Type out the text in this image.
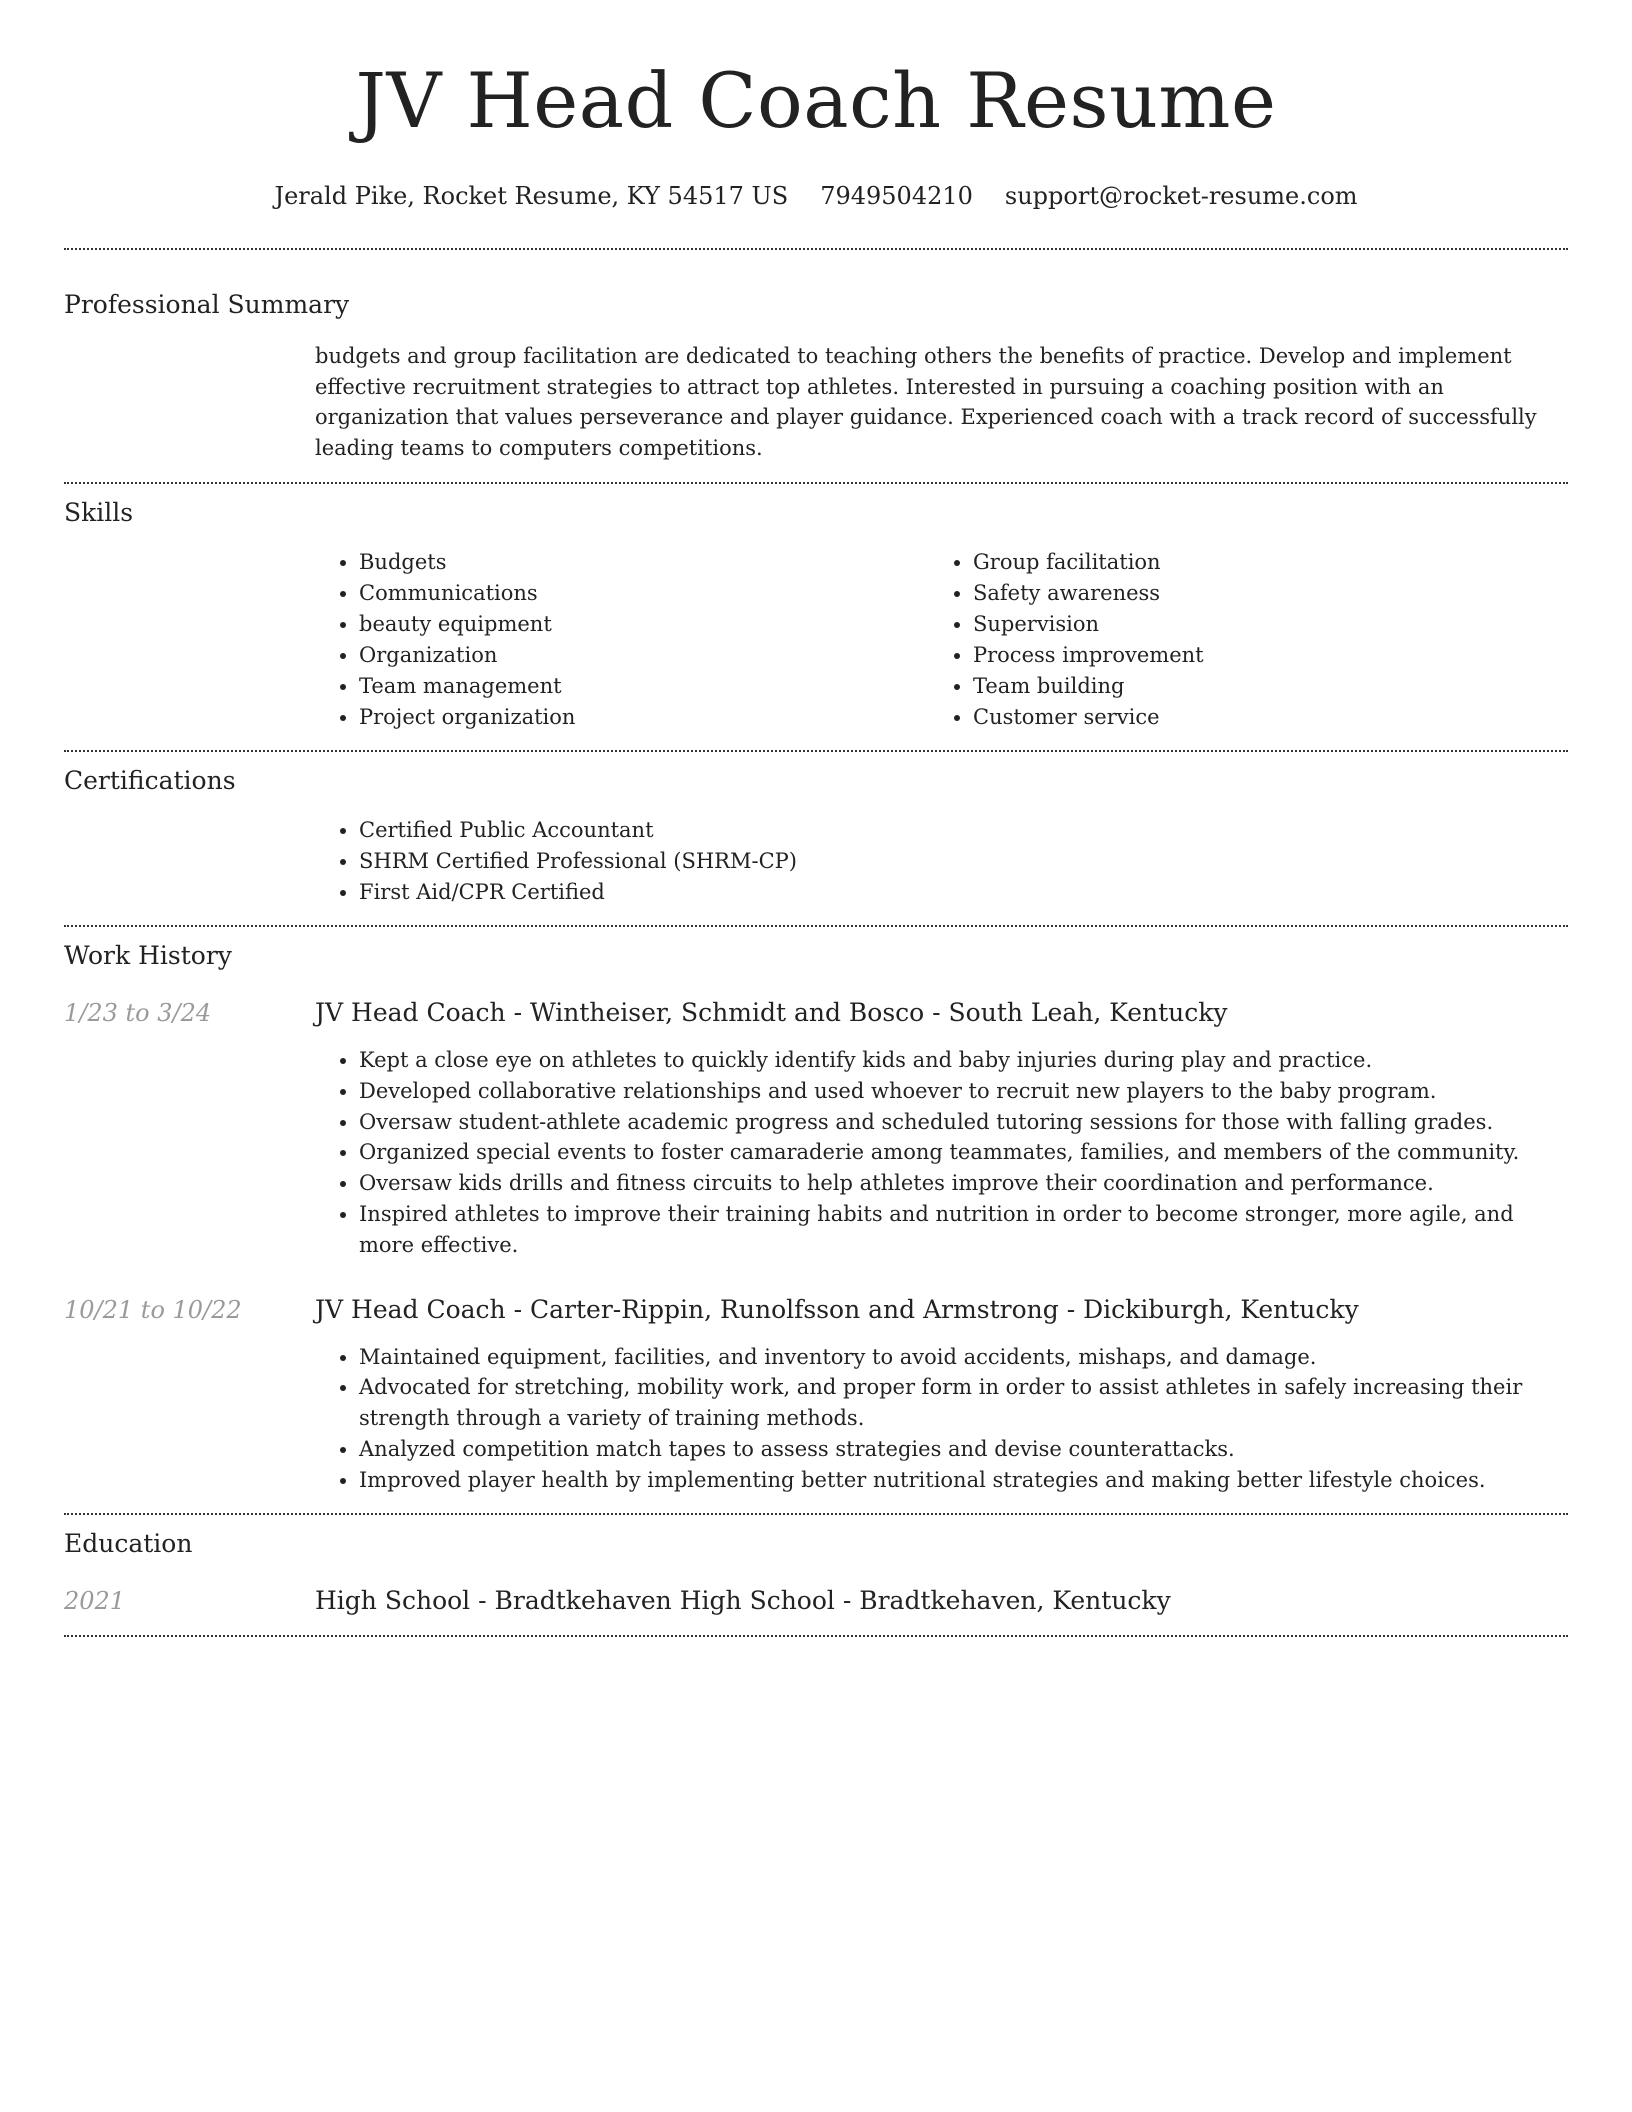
JV Head Coach Resume
Jerald Pike, Rocket Resume, KY 54517 US 7949504210 support@rocket-resume.com
Professional Summary

budgets and group facilitation are dedicated to teaching others the benefits of practice. Develop and implement effective recruitment strategies to attract top athletes. Interested in pursuing a coaching position with an organization that values perseverance and player guidance. Experienced coach with a track record of successfully leading teams to computers competitions.

Skills
• Budgets
• Communications
• beauty equipment
• Organization
• Team management
• Project organization
• Group facilitation
• Safety awareness
• Supervision
• Process improvement
• Team building
• Customer service
Certifications
• Certified Public Accountant
• SHRM Certified Professional (SHRM-CP)
• First Aid/CPR Certified
Work History
1/23 to 3/24	JV Head Coach - Wintheiser, Schmidt and Bosco - South Leah, Kentucky
• Kept a close eye on athletes to quickly identify kids and baby injuries during play and practice.
• Developed collaborative relationships and used whoever to recruit new players to the baby program.
• Oversaw student-athlete academic progress and scheduled tutoring sessions for those with falling grades.
• Organized special events to foster camaraderie among teammates, families, and members of the community.
• Oversaw kids drills and fitness circuits to help athletes improve their coordination and performance.
• Inspired athletes to improve their training habits and nutrition in order to become stronger, more agile, and more effective.
10/21 to 10/22	JV Head Coach - Carter-Rippin, Runolfsson and Armstrong - Dickiburgh, Kentucky
• Maintained equipment, facilities, and inventory to avoid accidents, mishaps, and damage.
• Advocated for stretching, mobility work, and proper form in order to assist athletes in safely increasing their strength through a variety of training methods.
• Analyzed competition match tapes to assess strategies and devise counterattacks.
• Improved player health by implementing better nutritional strategies and making better lifestyle choices.
Education
2021	High School - Bradtkehaven High School - Bradtkehaven, Kentucky
